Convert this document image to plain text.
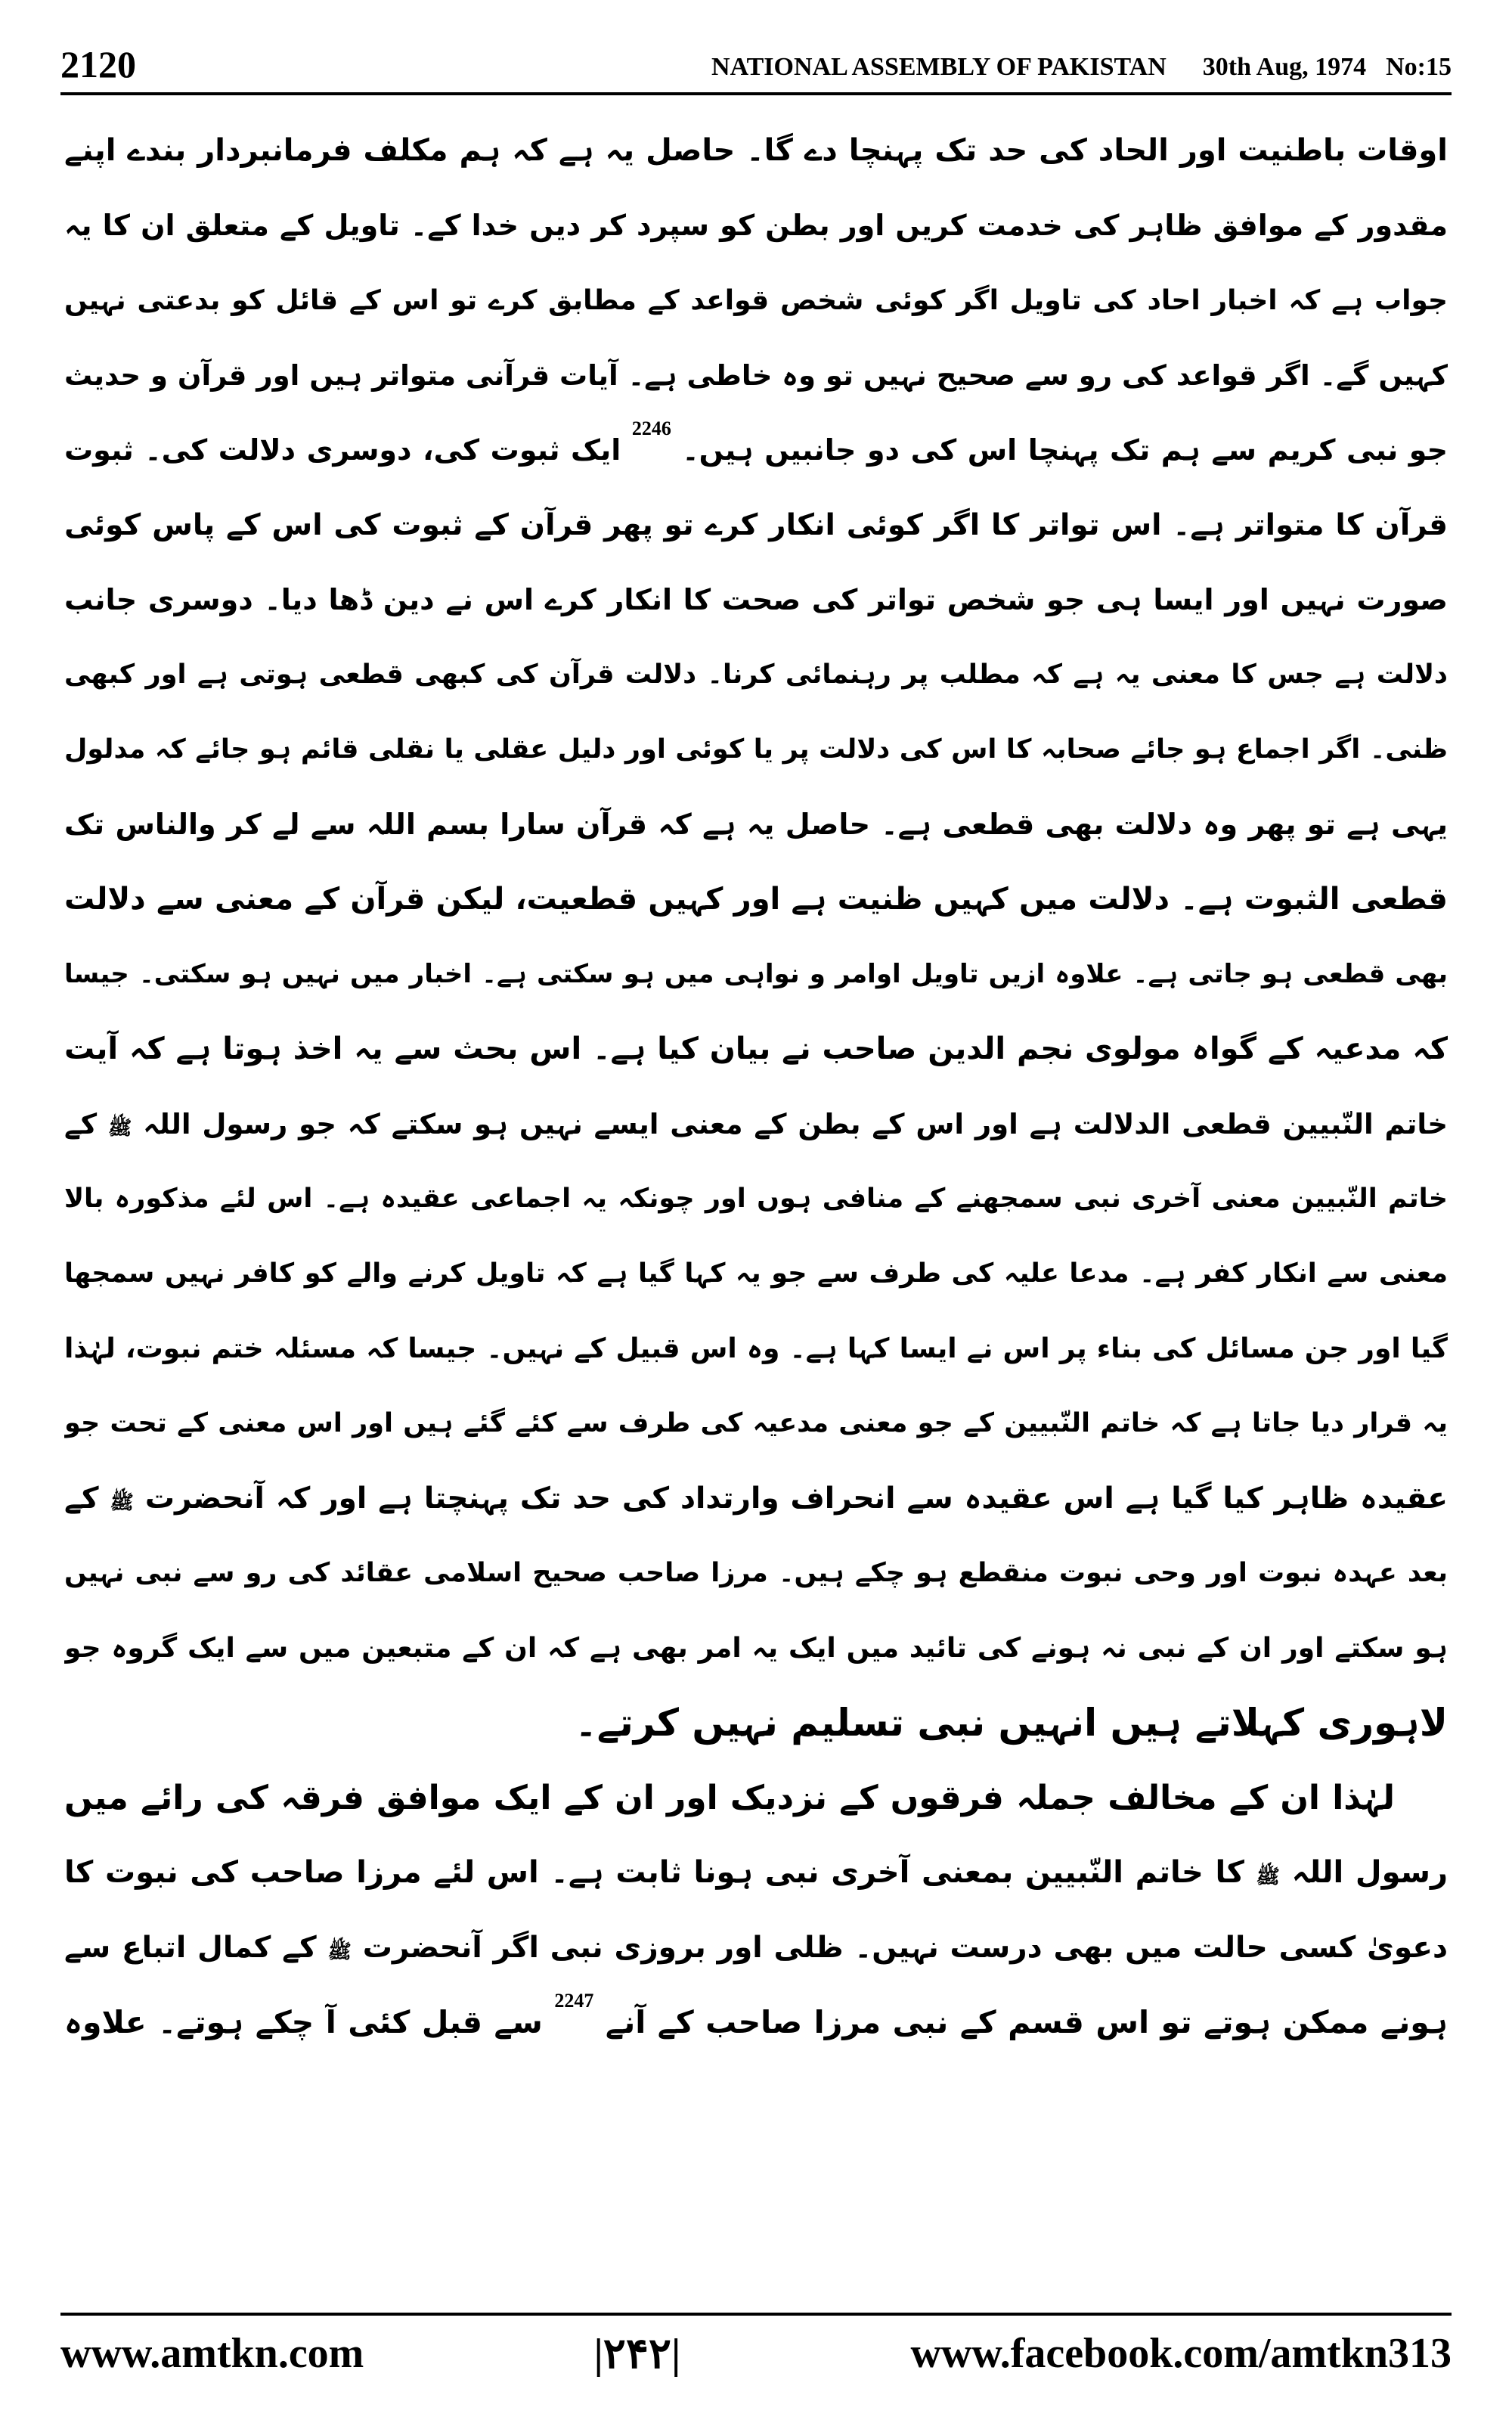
2120	NATIONAL ASSEMBLY OF PAKISTAN 30th Aug, 1974 No:15
اوقات باطنیت اور الحاد کی حد تک پہنچا دے گا۔ حاصل یہ ہے کہ ہم مکلف فرمانبردار بندے اپنے
مقدور کے موافق ظاہر کی خدمت کریں اور بطن کو سپرد کر دیں خدا کے۔ تاویل کے متعلق ان کا یہ
جواب ہے کہ اخبار احاد کی تاویل اگر کوئی شخص قواعد کے مطابق کرے تو اس کے قائل کو بدعتی نہیں
کہیں گے۔ اگر قواعد کی رو سے صحیح نہیں تو وہ خاطی ہے۔ آیات قرآنی متواتر ہیں اور قرآن و حدیث
جو نبی کریم سے ہم تک پہنچا اس کی دو جانبیں ہیں۔ $^{2246}$ ایک ثبوت کی، دوسری دلالت کی۔ ثبوت
قرآن کا متواتر ہے۔ اس تواتر کا اگر کوئی انکار کرے تو پھر قرآن کے ثبوت کی اس کے پاس کوئی
صورت نہیں اور ایسا ہی جو شخص تواتر کی صحت کا انکار کرے اس نے دین ڈھا دیا۔ دوسری جانب
دلالت ہے جس کا معنی یہ ہے کہ مطلب پر رہنمائی کرنا۔ دلالت قرآن کی کبھی قطعی ہوتی ہے اور کبھی
ظنی۔ اگر اجماع ہو جائے صحابہ کا اس کی دلالت پر یا کوئی اور دلیل عقلی یا نقلی قائم ہو جائے کہ مدلول
یہی ہے تو پھر وہ دلالت بھی قطعی ہے۔ حاصل یہ ہے کہ قرآن سارا بسم اللہ سے لے کر والناس تک
قطعی الثبوت ہے۔ دلالت میں کہیں ظنیت ہے اور کہیں قطعیت، لیکن قرآن کے معنی سے دلالت
بھی قطعی ہو جاتی ہے۔ علاوہ ازیں تاویل اوامر و نواہی میں ہو سکتی ہے۔ اخبار میں نہیں ہو سکتی۔ جیسا
کہ مدعیہ کے گواہ مولوی نجم الدین صاحب نے بیان کیا ہے۔ اس بحث سے یہ اخذ ہوتا ہے کہ آیت
خاتم النّبیین قطعی الدلالت ہے اور اس کے بطن کے معنی ایسے نہیں ہو سکتے کہ جو رسول اللہ $^ﷺ$ کے
خاتم النّبیین معنی آخری نبی سمجھنے کے منافی ہوں اور چونکہ یہ اجماعی عقیدہ ہے۔ اس لئے مذکورہ بالا
معنی سے انکار کفر ہے۔ مدعا علیہ کی طرف سے جو یہ کہا گیا ہے کہ تاویل کرنے والے کو کافر نہیں سمجھا
گیا اور جن مسائل کی بناء پر اس نے ایسا کہا ہے۔ وہ اس قبیل کے نہیں۔ جیسا کہ مسئلہ ختم نبوت، لہٰذا
یہ قرار دیا جاتا ہے کہ خاتم النّبیین کے جو معنی مدعیہ کی طرف سے کئے گئے ہیں اور اس معنی کے تحت جو
عقیدہ ظاہر کیا گیا ہے اس عقیدہ سے انحراف وارتداد کی حد تک پہنچتا ہے اور کہ آنحضرت $^ﷺ$ کے
بعد عہدہ نبوت اور وحی نبوت منقطع ہو چکے ہیں۔ مرزا صاحب صحیح اسلامی عقائد کی رو سے نبی نہیں
ہو سکتے اور ان کے نبی نہ ہونے کی تائید میں ایک یہ امر بھی ہے کہ ان کے متبعین میں سے ایک گروہ جو
لاہوری کہلاتے ہیں انہیں نبی تسلیم نہیں کرتے۔
لہٰذا ان کے مخالف جملہ فرقوں کے نزدیک اور ان کے ایک موافق فرقہ کی رائے میں
رسول اللہ $^ﷺ$ کا خاتم النّبیین بمعنی آخری نبی ہونا ثابت ہے۔ اس لئے مرزا صاحب کی نبوت کا
دعویٰ کسی حالت میں بھی درست نہیں۔ ظلی اور بروزی نبی اگر آنحضرت $^ﷺ$ کے کمال اتباع سے
ہونے ممکن ہوتے تو اس قسم کے نبی مرزا صاحب کے آنے $^{2247}$ سے قبل کئی آ چکے ہوتے۔ علاوہ
www.amtkn.com	|۲۴۲|	www.facebook.com/amtkn313
